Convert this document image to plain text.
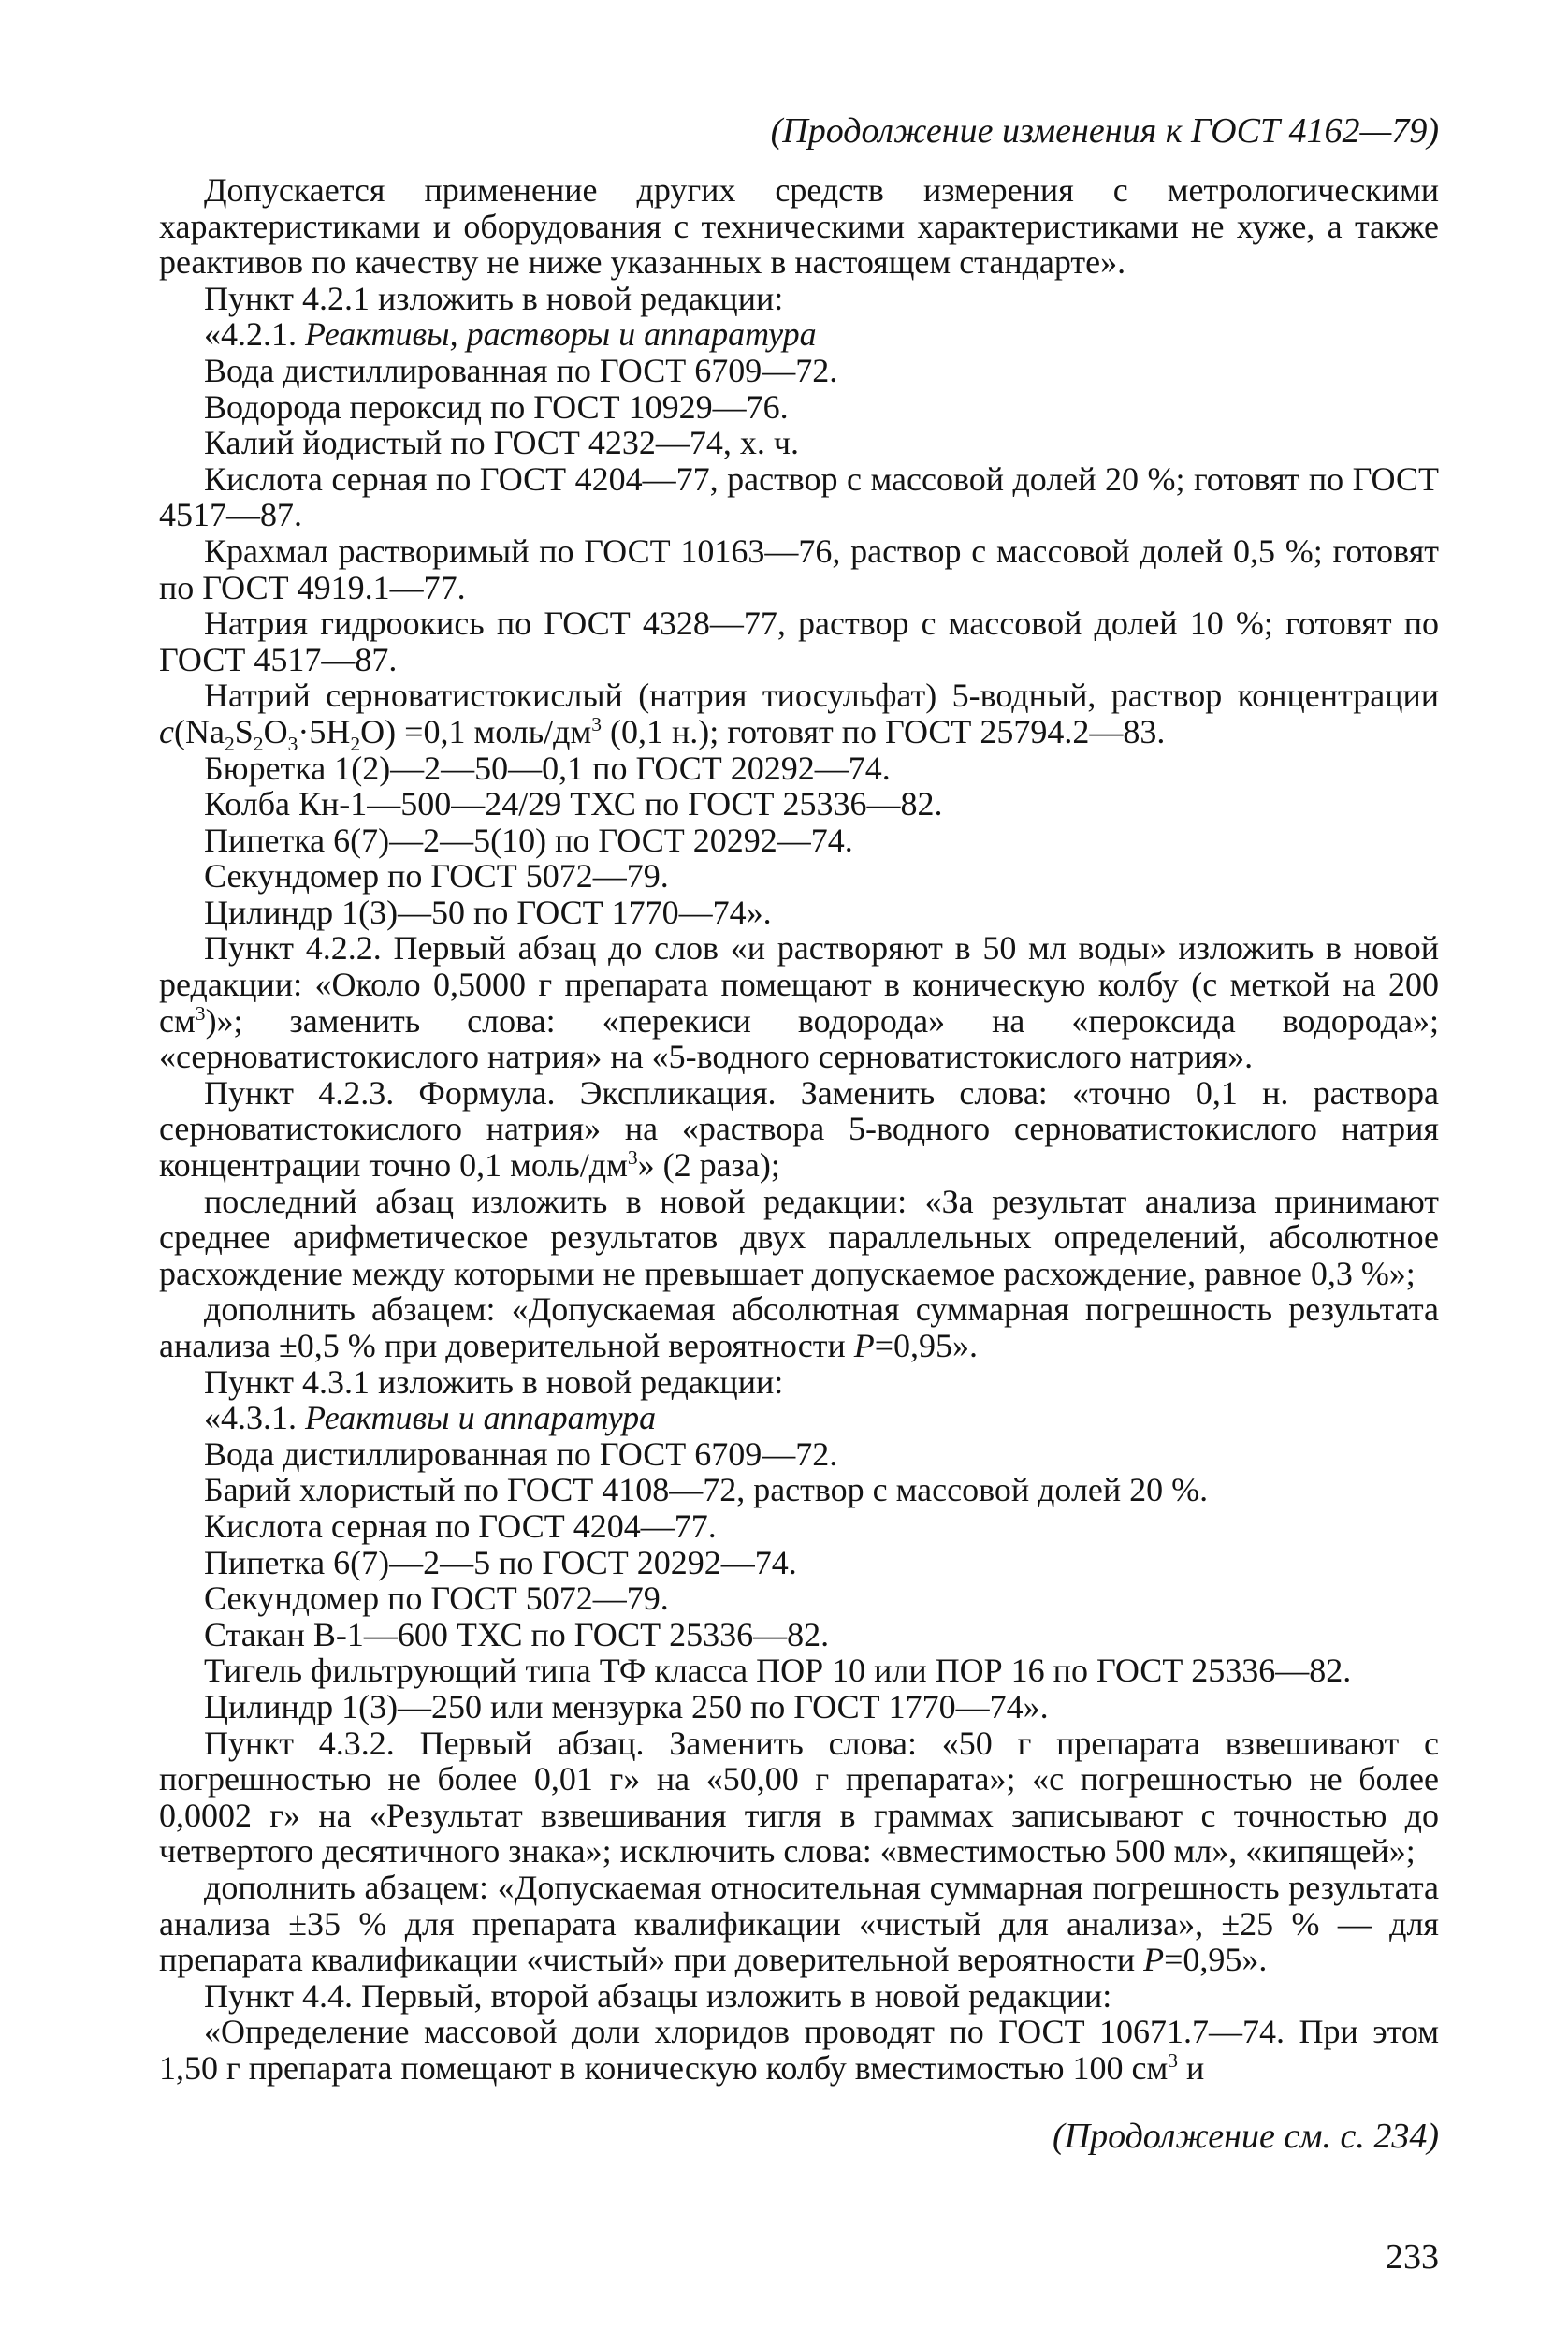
(Продолжение изменения к ГОСТ 4162—79)

Допускается применение других средств измерения с метрологическими характеристиками и оборудования с техническими характеристиками не хуже, а также реактивов по качеству не ниже указанных в настоящем стандарте».

Пункт 4.2.1 изложить в новой редакции:

«4.2.1. Реактивы, растворы и аппаратура

Вода дистиллированная по ГОСТ 6709—72.

Водорода пероксид по ГОСТ 10929—76.

Калий йодистый по ГОСТ 4232—74, х. ч.

Кислота серная по ГОСТ 4204—77, раствор с массовой долей 20 %; готовят по ГОСТ 4517—87.

Крахмал растворимый по ГОСТ 10163—76, раствор с массовой долей 0,5 %; готовят по ГОСТ 4919.1—77.

Натрия гидроокись по ГОСТ 4328—77, раствор с массовой долей 10 %; готовят по ГОСТ 4517—87.

Натрий серноватистокислый (натрия тиосульфат) 5-водный, раствор концентрации $c(Na_2S_2O_3\cdot 5H_2O) =0,1$ моль/$дм^3$ (0,1 н.); готовят по ГОСТ 25794.2—83.

Бюретка 1(2)—2—50—0,1 по ГОСТ 20292—74.

Колба Кн-1—500—24/29 ТХС по ГОСТ 25336—82.

Пипетка 6(7)—2—5(10) по ГОСТ 20292—74.

Секундомер по ГОСТ 5072—79.

Цилиндр 1(3)—50 по ГОСТ 1770—74».

Пункт 4.2.2. Первый абзац до слов «и растворяют в 50 мл воды» изложить в новой редакции: «Около 0,5000 г препарата помещают в коническую колбу (с меткой на 200 $см^3$)»; заменить слова: «перекиси водорода» на «пероксида водорода»; «серноватистокислого натрия» на «5-водного серноватистокислого натрия».

Пункт 4.2.3. Формула. Экспликация. Заменить слова: «точно 0,1 н. раствора серноватистокислого натрия» на «раствора 5-водного серноватистокислого натрия концентрации точно 0,1 моль/$дм^3$» (2 раза);

последний абзац изложить в новой редакции: «За результат анализа принимают среднее арифметическое результатов двух параллельных определений, абсолютное расхождение между которыми не превышает допускаемое расхождение, равное 0,3 %»;

дополнить абзацем: «Допускаемая абсолютная суммарная погрешность результата анализа ±0,5 % при доверительной вероятности P=0,95».

Пункт 4.3.1 изложить в новой редакции:

«4.3.1. Реактивы и аппаратура

Вода дистиллированная по ГОСТ 6709—72.

Барий хлористый по ГОСТ 4108—72, раствор с массовой долей 20 %.

Кислота серная по ГОСТ 4204—77.

Пипетка 6(7)—2—5 по ГОСТ 20292—74.

Секундомер по ГОСТ 5072—79.

Стакан В-1—600 ТХС по ГОСТ 25336—82.

Тигель фильтрующий типа ТФ класса ПОР 10 или ПОР 16 по ГОСТ 25336—82.

Цилиндр 1(3)—250 или мензурка 250 по ГОСТ 1770—74».

Пункт 4.3.2. Первый абзац. Заменить слова: «50 г препарата взвешивают с погрешностью не более 0,01 г» на «50,00 г препарата»; «с погрешностью не более 0,0002 г» на «Результат взвешивания тигля в граммах записывают с точностью до четвертого десятичного знака»; исключить слова: «вместимостью 500 мл», «кипящей»;

дополнить абзацем: «Допускаемая относительная суммарная погрешность результата анализа ±35 % для препарата квалификации «чистый для анализа», ±25 % — для препарата квалификации «чистый» при доверительной вероятности P=0,95».

Пункт 4.4. Первый, второй абзацы изложить в новой редакции:

«Определение массовой доли хлоридов проводят по ГОСТ 10671.7—74. При этом 1,50 г препарата помещают в коническую колбу вместимостью 100 $см^3$ и

(Продолжение см. с. 234)
233
